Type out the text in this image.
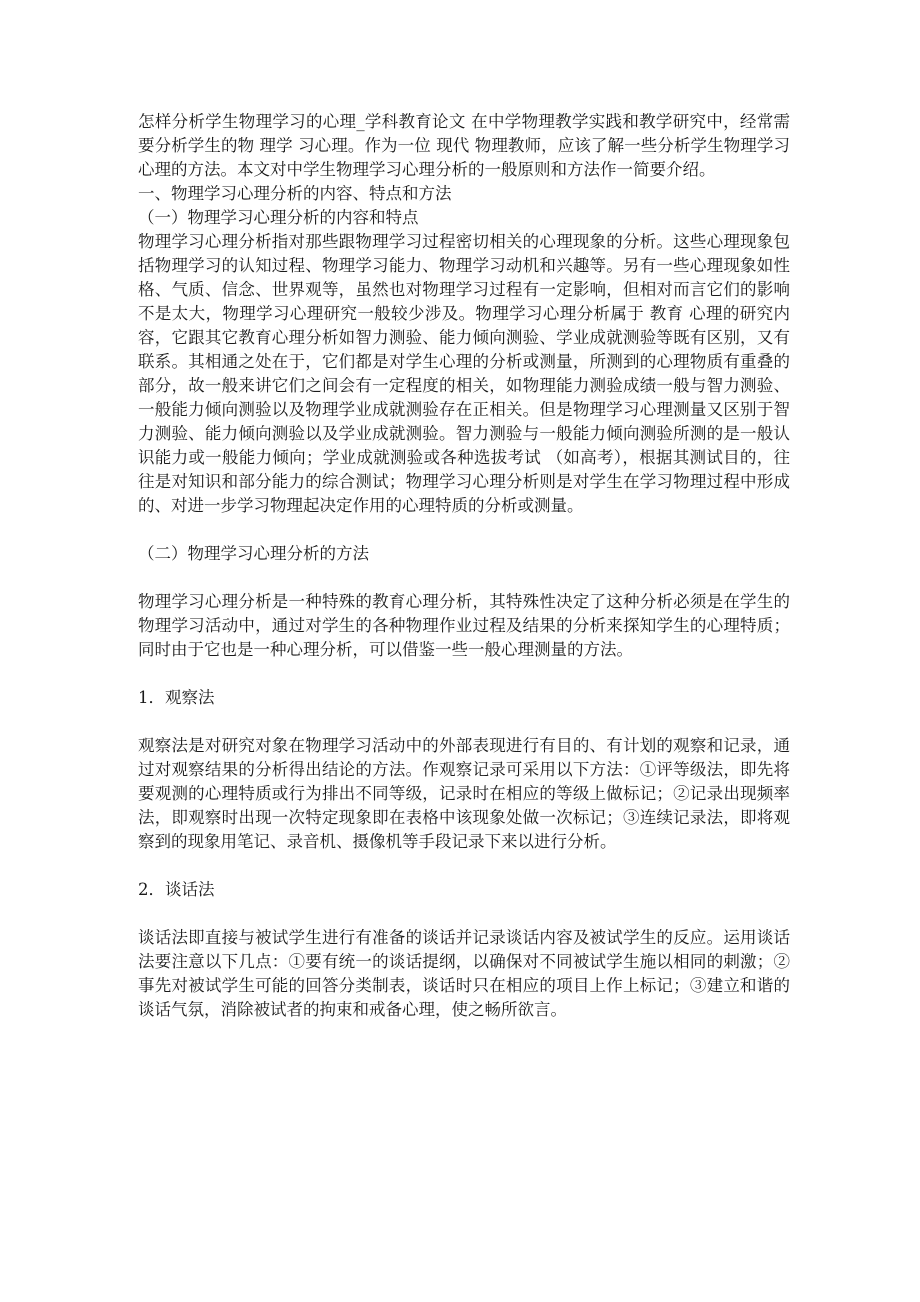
怎样分析学生物理学习的心理_学科教育论文 在中学物理教学实践和教学研究中，经常需要分析学生的物 理学 习心理。作为一位 现代 物理教师，应该了解一些分析学生物理学习心理的方法。本文对中学生物理学习心理分析的一般原则和方法作一简要介绍。

一、物理学习心理分析的内容、特点和方法

（一）物理学习心理分析的内容和特点

物理学习心理分析指对那些跟物理学习过程密切相关的心理现象的分析。这些心理现象包括物理学习的认知过程、物理学习能力、物理学习动机和兴趣等。另有一些心理现象如性格、气质、信念、世界观等，虽然也对物理学习过程有一定影响，但相对而言它们的影响不是太大，物理学习心理研究一般较少涉及。物理学习心理分析属于 教育 心理的研究内容，它跟其它教育心理分析如智力测验、能力倾向测验、学业成就测验等既有区别，又有联系。其相通之处在于，它们都是对学生心理的分析或测量，所测到的心理物质有重叠的部分，故一般来讲它们之间会有一定程度的相关，如物理能力测验成绩一般与智力测验、一般能力倾向测验以及物理学业成就测验存在正相关。但是物理学习心理测量又区别于智力测验、能力倾向测验以及学业成就测验。智力测验与一般能力倾向测验所测的是一般认识能力或一般能力倾向；学业成就测验或各种选拔考试 （如高考），根据其测试目的，往往是对知识和部分能力的综合测试；物理学习心理分析则是对学生在学习物理过程中形成的、对进一步学习物理起决定作用的心理特质的分析或测量。

（二）物理学习心理分析的方法

物理学习心理分析是一种特殊的教育心理分析，其特殊性决定了这种分析必须是在学生的物理学习活动中，通过对学生的各种物理作业过程及结果的分析来探知学生的心理特质；同时由于它也是一种心理分析，可以借鉴一些一般心理测量的方法。

1．观察法

观察法是对研究对象在物理学习活动中的外部表现进行有目的、有计划的观察和记录，通过对观察结果的分析得出结论的方法。作观察记录可采用以下方法：①评等级法，即先将要观测的心理特质或行为排出不同等级，记录时在相应的等级上做标记；②记录出现频率法，即观察时出现一次特定现象即在表格中该现象处做一次标记；③连续记录法，即将观察到的现象用笔记、录音机、摄像机等手段记录下来以进行分析。

2．谈话法

谈话法即直接与被试学生进行有准备的谈话并记录谈话内容及被试学生的反应。运用谈话法要注意以下几点：①要有统一的谈话提纲，以确保对不同被试学生施以相同的刺激；②事先对被试学生可能的回答分类制表，谈话时只在相应的项目上作上标记；③建立和谐的谈话气氛，消除被试者的拘束和戒备心理，使之畅所欲言。
